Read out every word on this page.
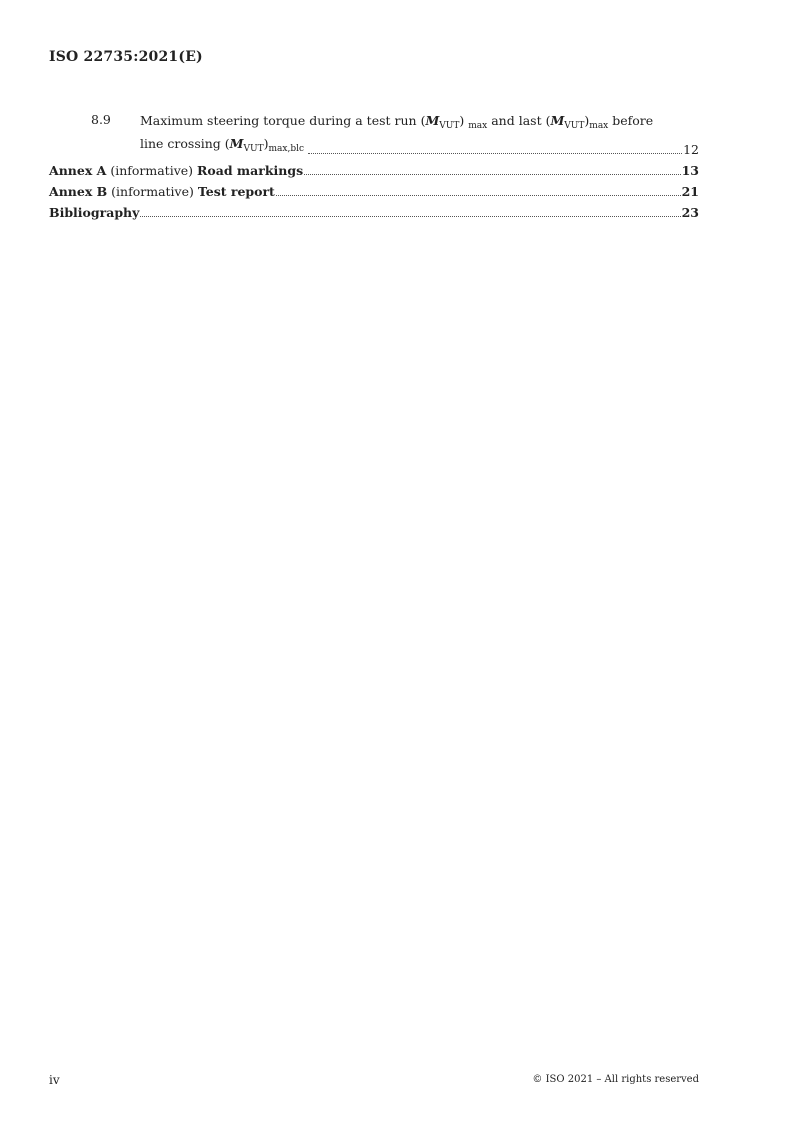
ISO 22735:2021(E)
8.9	Maximum steering torque during a test run $(M_{VUT})$ $_{max}$ and last $(M_{VUT})_{max}$ before
line crossing $(M_{VUT})_{max,blc}$	12
Annex A (informative) Road markings	13
Annex B (informative) Test report	21
Bibliography	23
iv	© ISO 2021 – All rights reserved
